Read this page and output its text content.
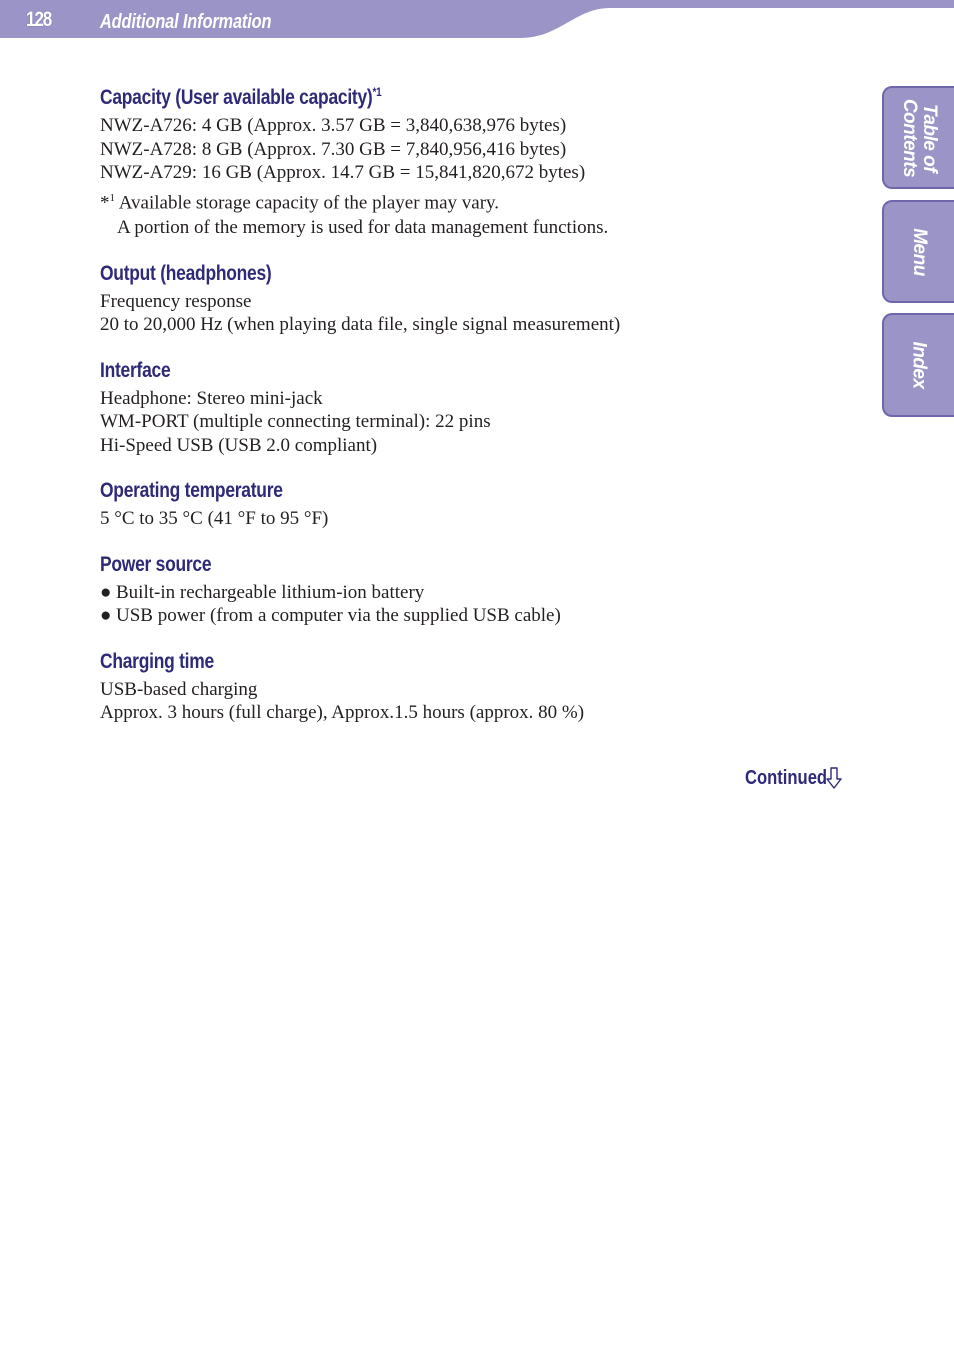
128 Additional Information
Capacity (User available capacity)$^{*1}$
NWZ-A726: 4 GB (Approx. 3.57 GB = 3,840,638,976 bytes)
NWZ-A728: 8 GB (Approx. 7.30 GB = 7,840,956,416 bytes)
NWZ-A729: 16 GB (Approx. 14.7 GB = 15,841,820,672 bytes)
*$^1$ Available storage capacity of the player may vary.
A portion of the memory is used for data management functions.
Output (headphones)
Frequency response
20 to 20,000 Hz (when playing data file, single signal measurement)
Interface
Headphone: Stereo mini-jack
WM-PORT (multiple connecting terminal): 22 pins
Hi-Speed USB (USB 2.0 compliant)
Operating temperature
5 °C to 35 °C (41 °F to 95 °F)
Power source
● Built-in rechargeable lithium-ion battery
● USB power (from a computer via the supplied USB cable)
Charging time
USB-based charging
Approx. 3 hours (full charge), Approx.1.5 hours (approx. 80 %)
Continued
Table of
Contents
Menu
Index
